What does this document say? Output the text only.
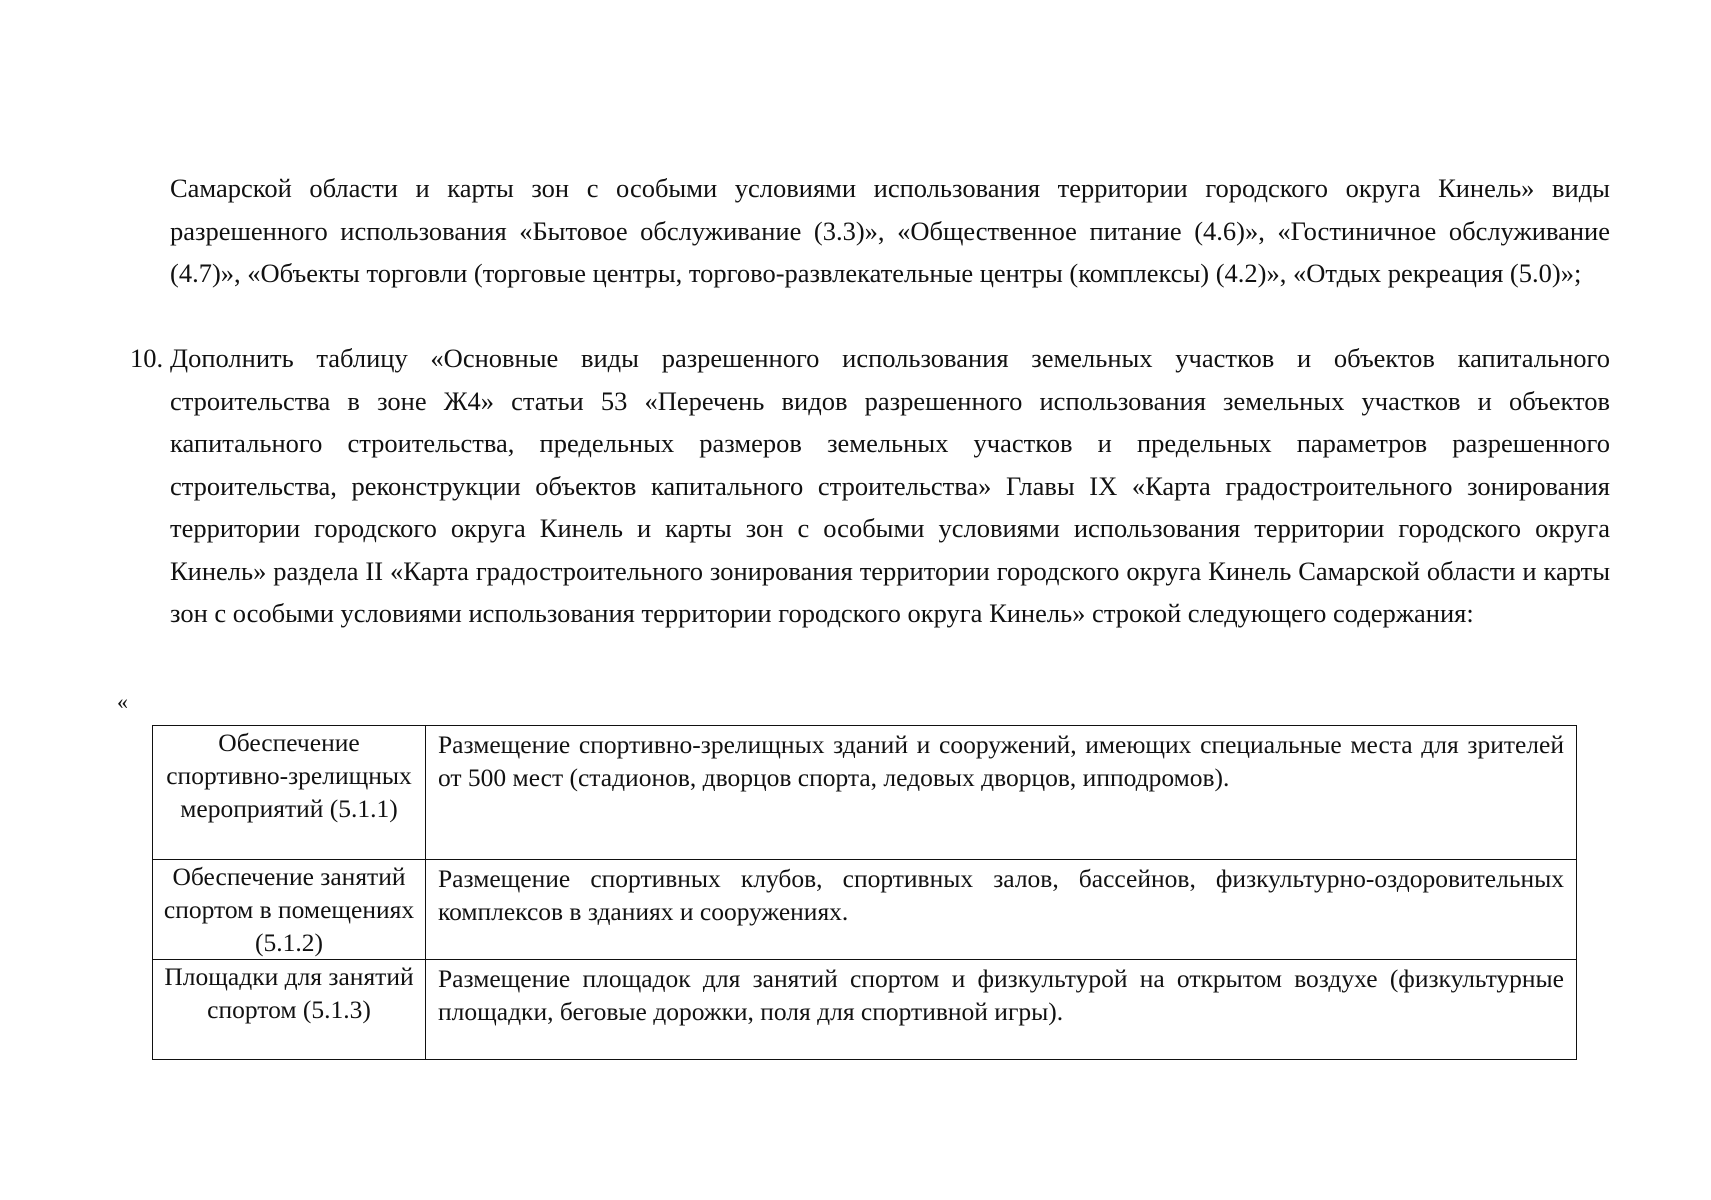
Самарской области и карты зон с особыми условиями использования территории городского округа Кинель» виды разрешенного использования «Бытовое обслуживание (3.3)», «Общественное питание (4.6)», «Гостиничное обслуживание (4.7)», «Объекты торговли (торговые центры, торгово-развлекательные центры (комплексы) (4.2)», «Отдых рекреация (5.0)»;

10. Дополнить таблицу «Основные виды разрешенного использования земельных участков и объектов капитального строительства в зоне Ж4» статьи 53 «Перечень видов разрешенного использования земельных участков и объектов капитального строительства, предельных размеров земельных участков и предельных параметров разрешенного строительства, реконструкции объектов капитального строительства» Главы IX «Карта градостроительного зонирования территории городского округа Кинель и карты зон с особыми условиями использования территории городского округа Кинель» раздела II «Карта градостроительного зонирования территории городского округа Кинель Самарской области и карты зон с особыми условиями использования территории городского округа Кинель» строкой следующего содержания:

«
Обеспечение спортивно-зрелищных мероприятий (5.1.1)	Размещение спортивно-зрелищных зданий и сооружений, имеющих специальные места для зрителей от 500 мест (стадионов, дворцов спорта, ледовых дворцов, ипподромов).
Обеспечение занятий спортом в помещениях (5.1.2)	Размещение спортивных клубов, спортивных залов, бассейнов, физкультурно-оздоровительных комплексов в зданиях и сооружениях.
Площадки для занятий спортом (5.1.3)	Размещение площадок для занятий спортом и физкультурой на открытом воздухе (физкультурные площадки, беговые дорожки, поля для спортивной игры).
